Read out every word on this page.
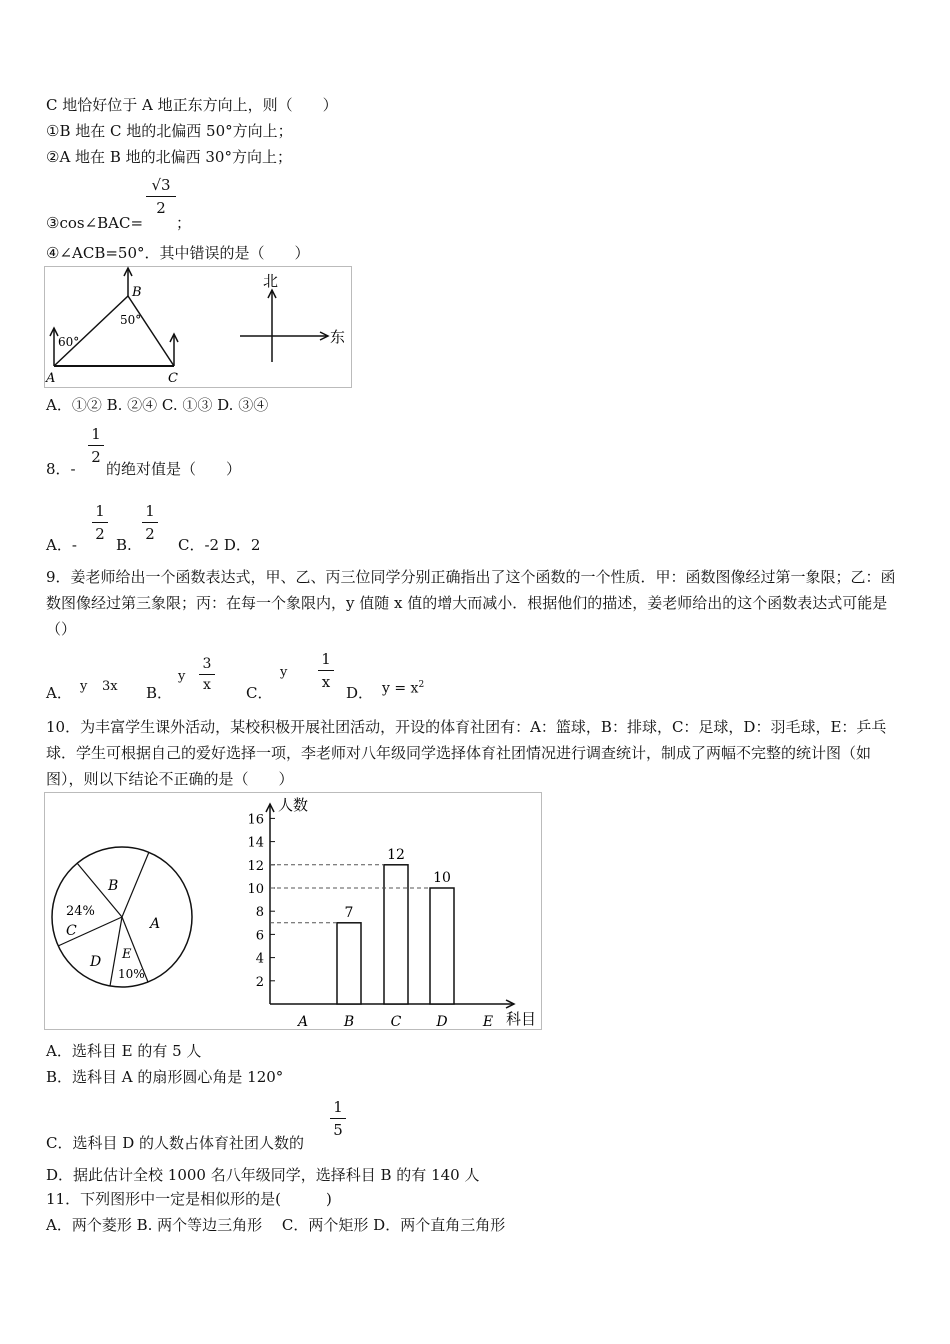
C 地恰好位于 A 地正东方向上，则（　　）
①B 地在 C 地的北偏西 50°方向上；
②A 地在 B 地的北偏西 30°方向上；
③cos∠BAC=
√3
2
；
④∠ACB=50°．其中错误的是（　　）
A
B
C
60°
50°
北
东
A．①② B. ②④ C. ①③ D. ③④
8．-
1
2
的绝对值是（　　）
A．-
1
2
B.
1
2
C．-2 D．2
9．姜老师给出一个函数表达式，甲、乙、丙三位同学分别正确指出了这个函数的一个性质．甲：函数图像经过第一象限；乙：函数图像经过第三象限；丙：在每一个象限内，y 值随 x 值的增大而减小．根据他们的描述，姜老师给出的这个函数表达式可能是（）
A． y 3x B．
y
3
x C．
y
1
x
D． $y = x^2$
10．为丰富学生课外活动，某校积极开展社团活动，开设的体育社团有：A：篮球，B：排球，C：足球，D：羽毛球，E：乒乓球．学生可根据自己的爱好选择一项，李老师对八年级同学选择体育社团情况进行调查统计，制成了两幅不完整的统计图（如图），则以下结论不正确的是（　　）
B
A
24%
C
D E
10%
人数
科目
2
4
6
8
10
12
14
16
A	B	C	D	E
7
12
10
A．选科目 E 的有 5 人
B．选科目 A 的扇形圆心角是 120°
C．选科目 D 的人数占体育社团人数的
1
5
D．据此估计全校 1000 名八年级同学，选择科目 B 的有 140 人
11．下列图形中一定是相似形的是(　　　)
A．两个菱形 B. 两个等边三角形　 C．两个矩形 D．两个直角三角形
